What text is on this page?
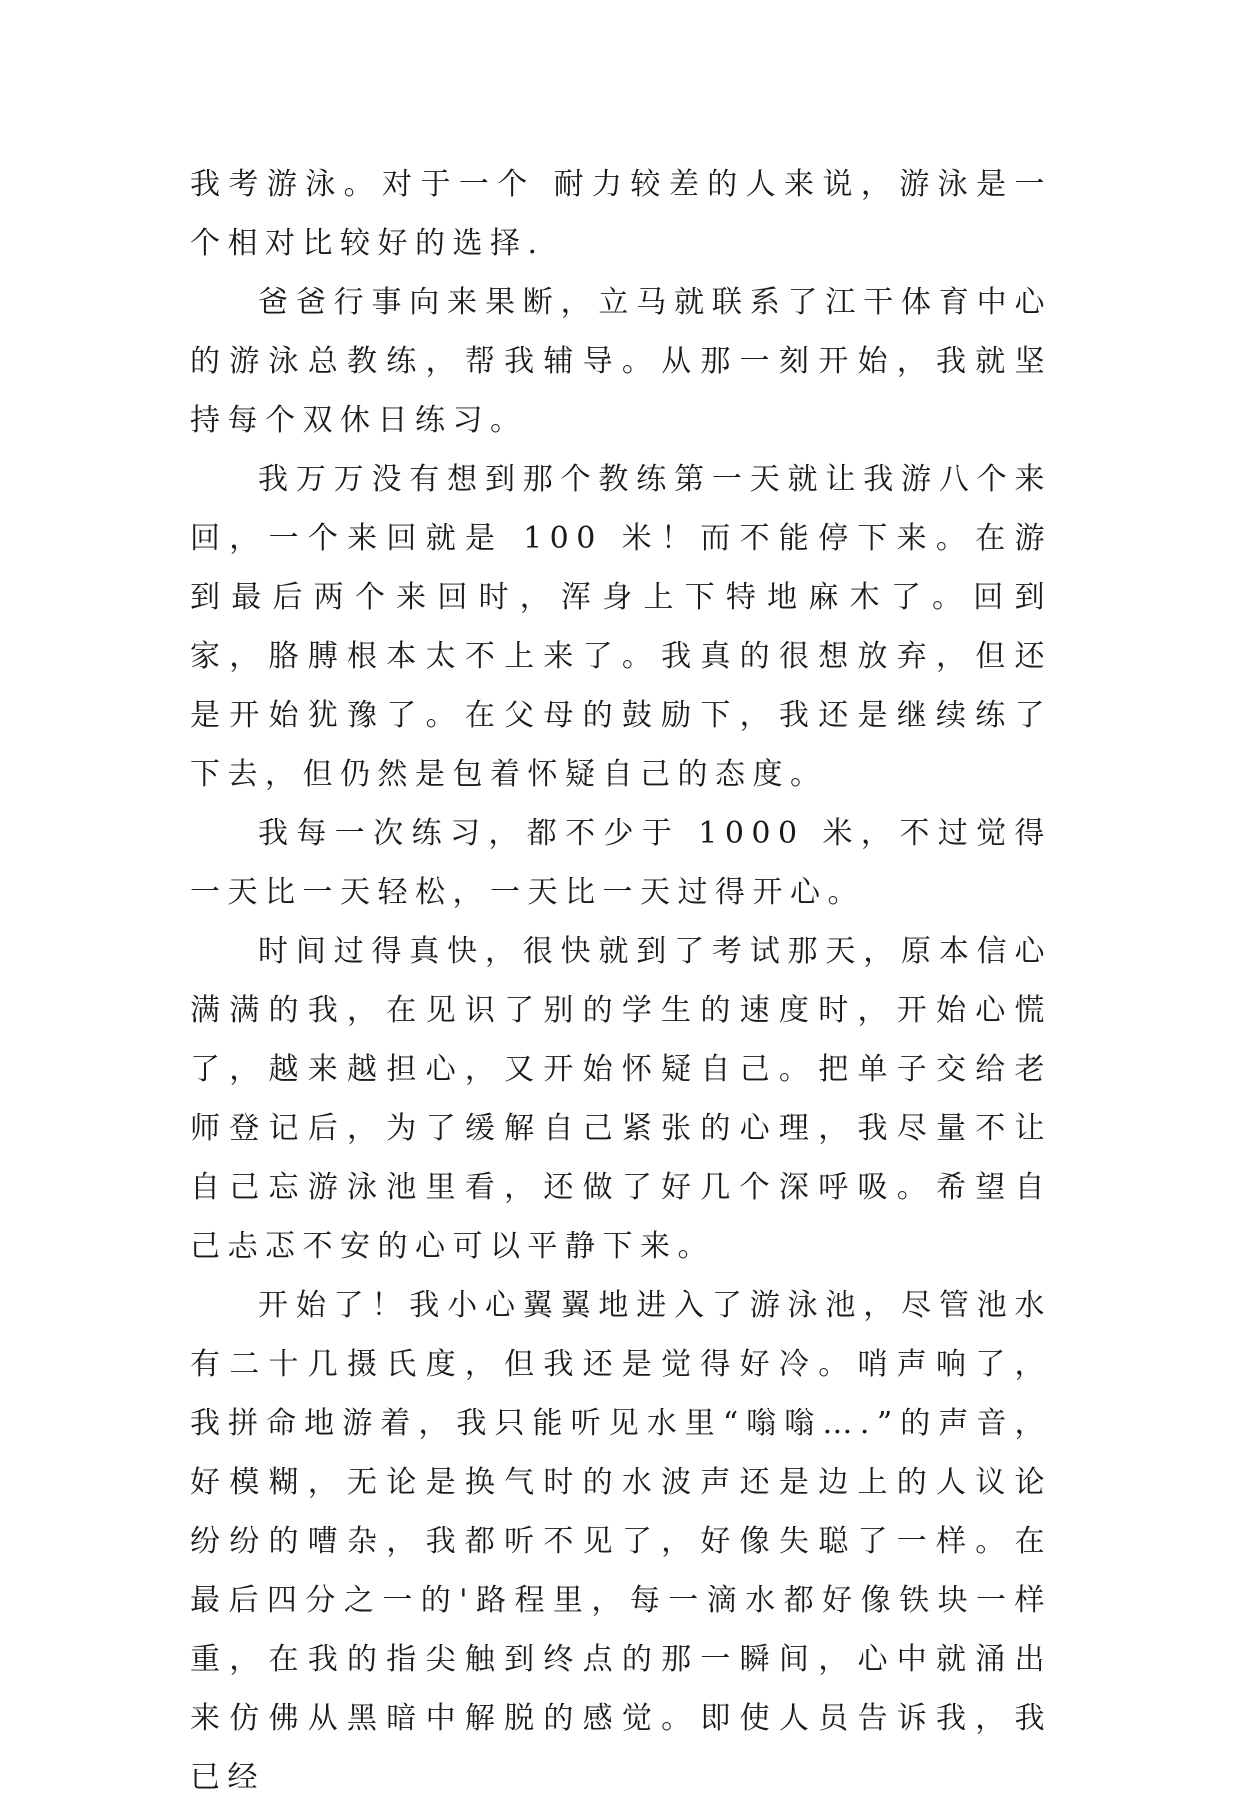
我考游泳。对于一个 耐力较差的人来说，游泳是一个相对比较好的选择.

爸爸行事向来果断，立马就联系了江干体育中心的游泳总教练，帮我辅导。从那一刻开始，我就坚持每个双休日练习。

我万万没有想到那个教练第一天就让我游八个来回，一个来回就是 100 米！而不能停下来。在游到最后两个来回时，浑身上下特地麻木了。回到家，胳膊根本太不上来了。我真的很想放弃，但还是开始犹豫了。在父母的鼓励下，我还是继续练了下去，但仍然是包着怀疑自己的态度。

我每一次练习，都不少于 1000 米，不过觉得一天比一天轻松，一天比一天过得开心。

时间过得真快，很快就到了考试那天，原本信心满满的我，在见识了别的学生的速度时，开始心慌了，越来越担心，又开始怀疑自己。把单子交给老师登记后，为了缓解自己紧张的心理，我尽量不让自己忘游泳池里看，还做了好几个深呼吸。希望自己忐忑不安的心可以平静下来。

开始了！我小心翼翼地进入了游泳池，尽管池水有二十几摄氏度，但我还是觉得好冷。哨声响了，我拼命地游着，我只能听见水里“嗡嗡….”的声音，好模糊，无论是换气时的水波声还是边上的人议论纷纷的嘈杂，我都听不见了，好像失聪了一样。在最后四分之一的'路程里，每一滴水都好像铁块一样重，在我的指尖触到终点的那一瞬间，心中就涌出来仿佛从黑暗中解脱的感觉。即使人员告诉我，我已经
